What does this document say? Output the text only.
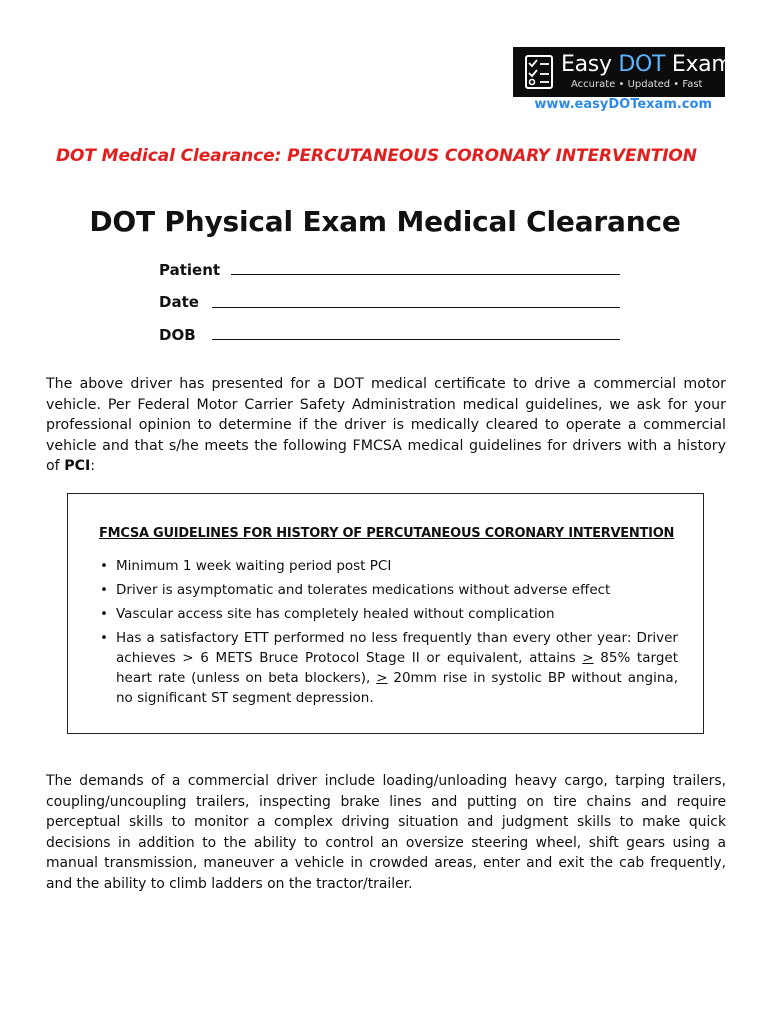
Easy DOT Exam
Accurate • Updated • Fast
www.easyDOTexam.com
DOT Medical Clearance: PERCUTANEOUS CORONARY INTERVENTION
DOT Physical Exam Medical Clearance
Patient
Date
DOB
The above driver has presented for a DOT medical certificate to drive a commercial motor vehicle. Per Federal Motor Carrier Safety Administration medical guidelines, we ask for your professional opinion to determine if the driver is medically cleared to operate a commercial vehicle and that s/he meets the following FMCSA medical guidelines for drivers with a history of PCI:
FMCSA GUIDELINES FOR HISTORY OF PERCUTANEOUS CORONARY INTERVENTION
• Minimum 1 week waiting period post PCI
• Driver is asymptomatic and tolerates medications without adverse effect
• Vascular access site has completely healed without complication
• Has a satisfactory ETT performed no less frequently than every other year: Driver achieves > 6 METS Bruce Protocol Stage II or equivalent, attains > 85% target heart rate (unless on beta blockers), > 20mm rise in systolic BP without angina, no significant ST segment depression.
The demands of a commercial driver include loading/unloading heavy cargo, tarping trailers, coupling/uncoupling trailers, inspecting brake lines and putting on tire chains and require perceptual skills to monitor a complex driving situation and judgment skills to make quick decisions in addition to the ability to control an oversize steering wheel, shift gears using a manual transmission, maneuver a vehicle in crowded areas, enter and exit the cab frequently, and the ability to climb ladders on the tractor/trailer.
